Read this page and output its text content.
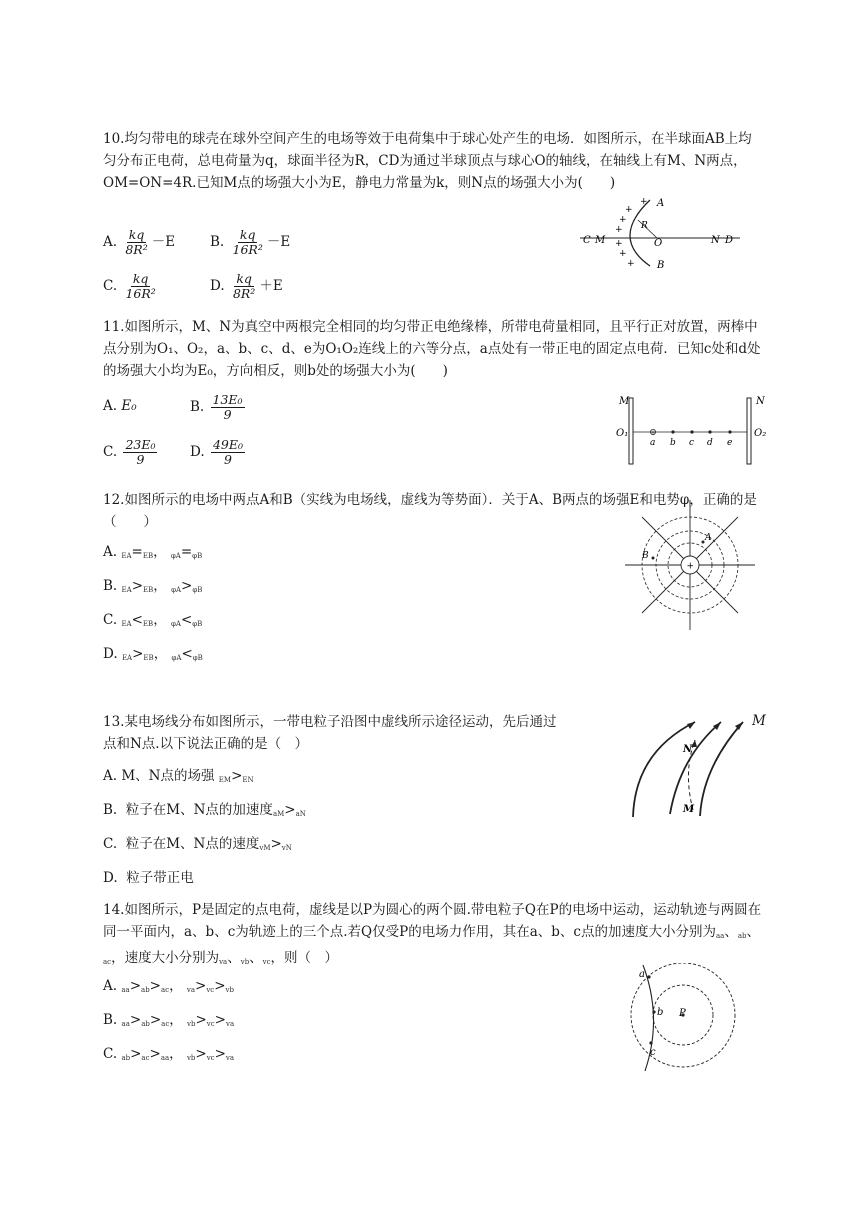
10.均匀带电的球壳在球外空间产生的电场等效于电荷集中于球心处产生的电场．如图所示，在半球面AB上均匀分布正电荷，总电荷量为q，球面半径为R，CD为通过半球顶点与球心O的轴线，在轴线上有M、N两点，OM=ON=4R.已知M点的场强大小为E，静电力常量为k，则N点的场强大小为(　　)
A. $\frac{kq}{\text{8R²}} -E$	B. $\frac{kq}{\text{16R²}} -E$
C. $\frac{kq}{\text{16R²}}$	D. $\frac{kq}{\text{8R²}} +E$
+
+
+
+
+
+
+
C M
R
O	N D
A
B
11.如图所示，M、N为真空中两根完全相同的均匀带正电绝缘棒，所带电荷量相同，且平行正对放置，两棒中点分别为O₁、O₂，a、b、c、d、e为O₁O₂连线上的六等分点，a点处有一带正电的固定点电荷．已知c处和d处的场强大小均为E₀，方向相反，则b处的场强大小为(　　)
A. E₀	B. $\frac{\text{13E₀}}{9}$
C. $\frac{\text{23E₀}}{9} D$. $\frac{\text{49E₀}}{9}$
+
M	N
O₁	O₂
a b c d e
12.如图所示的电场中两点A和B（实线为电场线，虚线为等势面）．关于A、B两点的场强E和电势φ，正确的是（　　）
A. $_{EA}=_{EB}$， $_{\varphi A}=_{\varphi B}$
B. $_{EA}>_{EB}$， $_{\varphi A}>_{\varphi B}$
C. $_{EA}<_{EB}$， $_{\varphi A}<_{\varphi B}$
D. $_{EA}>_{EB}$， $_{\varphi A}<_{\varphi B}$
+
A
B
13.某电场线分布如图所示，一带电粒子沿图中虚线所示途径运动，先后通过	M
点和N点.以下说法正确的是（　）
A. M、N点的场强 $_{EM}>_{EN}$
B.  粒子在M、N点的加速度$_{aM}>_{aN}$
C.  粒子在M、N点的速度$_{vM}>_{vN}$
D.  粒子带正电
N
M
14.如图所示，P是固定的点电荷，虚线是以P为圆心的两个圆.带电粒子Q在P的电场中运动，运动轨迹与两圆在同一平面内，a、b、c为轨迹上的三个点.若Q仅受P的电场力作用，其在a、b、c点的加速度大小分别为$_{aa}$、$_{ab}$、$_{ac}$，速度大小分别为$_{va}$、$_{vb}$、$_{vc}$，则（　）
A. $_{aa}>_{ab}>_{ac}$， $_{va}>_{vc}>_{vb}$
B. $_{aa}>_{ab}>_{ac}$， $_{vb}>_{vc}>_{va}$
C. $_{ab}>_{ac}>_{aa}$， $_{vb}>_{vc}>_{va}$
a
b P
c
